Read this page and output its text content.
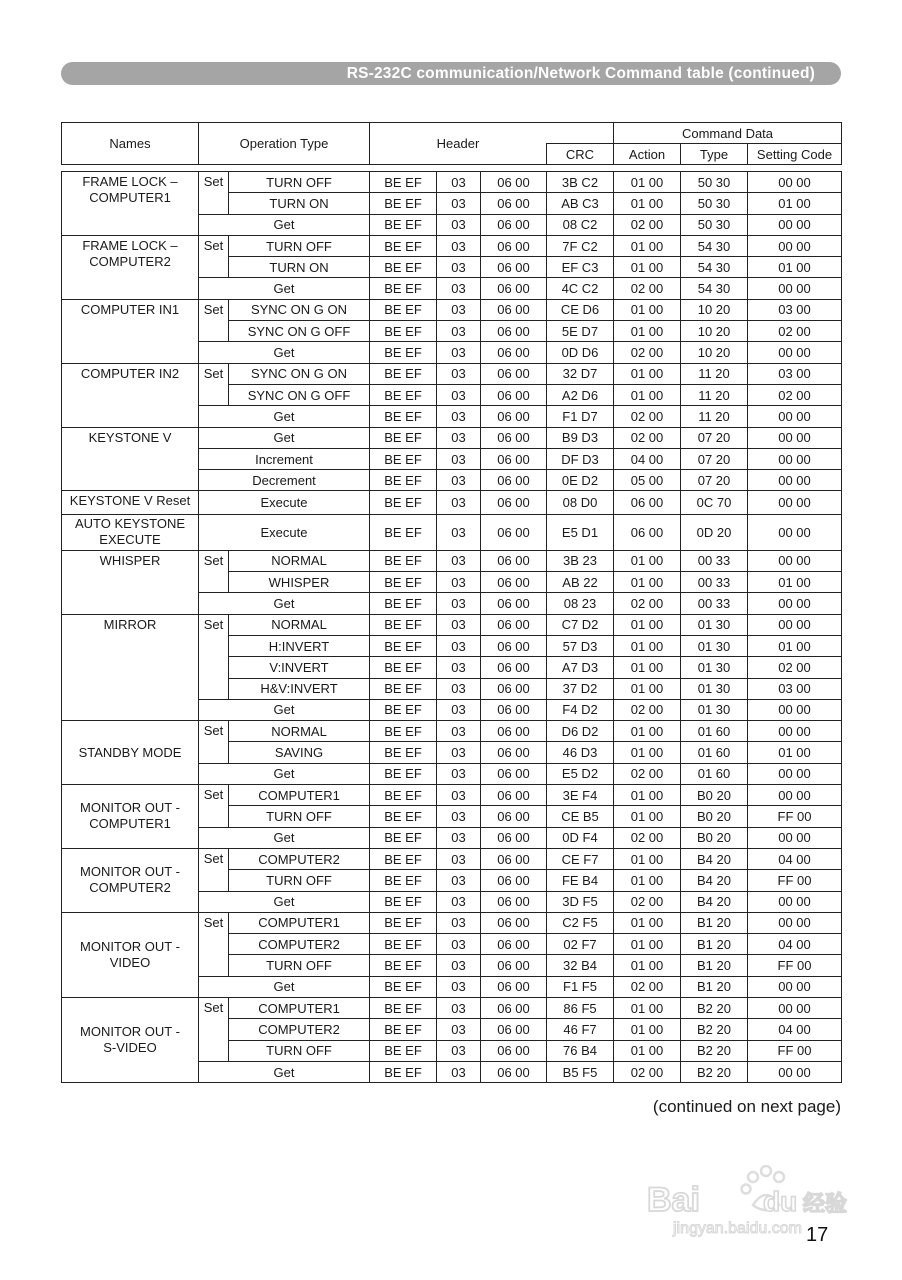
RS-232C communication/Network Command table (continued)
Names	Operation Type		Header				Command Data		
						CRC	Action	Type	Setting Code

FRAME LOCK –
COMPUTER1	Set	TURN OFF	BE EF	03	06 00	3B C2	01 00	50 30	00 00
		TURN ON	BE EF	03	06 00	AB C3	01 00	50 30	01 00
	Get		BE EF	03	06 00	08 C2	02 00	50 30	00 00
FRAME LOCK –
COMPUTER2	Set	TURN OFF	BE EF	03	06 00	7F C2	01 00	54 30	00 00
		TURN ON	BE EF	03	06 00	EF C3	01 00	54 30	01 00
	Get		BE EF	03	06 00	4C C2	02 00	54 30	00 00
COMPUTER IN1	Set	SYNC ON G ON	BE EF	03	06 00	CE D6	01 00	10 20	03 00
		SYNC ON G OFF	BE EF	03	06 00	5E D7	01 00	10 20	02 00
	Get		BE EF	03	06 00	0D D6	02 00	10 20	00 00
COMPUTER IN2	Set	SYNC ON G ON	BE EF	03	06 00	32 D7	01 00	11 20	03 00
		SYNC ON G OFF	BE EF	03	06 00	A2 D6	01 00	11 20	02 00
	Get		BE EF	03	06 00	F1 D7	02 00	11 20	00 00
KEYSTONE V	Get		BE EF	03	06 00	B9 D3	02 00	07 20	00 00
	Increment		BE EF	03	06 00	DF D3	04 00	07 20	00 00
	Decrement		BE EF	03	06 00	0E D2	05 00	07 20	00 00
KEYSTONE V Reset	Execute		BE EF	03	06 00	08 D0	06 00	0C 70	00 00
AUTO KEYSTONE
EXECUTE	Execute		BE EF	03	06 00	E5 D1	06 00	0D 20	00 00
WHISPER	Set	NORMAL	BE EF	03	06 00	3B 23	01 00	00 33	00 00
		WHISPER	BE EF	03	06 00	AB 22	01 00	00 33	01 00
	Get		BE EF	03	06 00	08 23	02 00	00 33	00 00
MIRROR	Set	NORMAL	BE EF	03	06 00	C7 D2	01 00	01 30	00 00
		H:INVERT	BE EF	03	06 00	57 D3	01 00	01 30	01 00
		V:INVERT	BE EF	03	06 00	A7 D3	01 00	01 30	02 00
		H&V:INVERT	BE EF	03	06 00	37 D2	01 00	01 30	03 00
	Get		BE EF	03	06 00	F4 D2	02 00	01 30	00 00
STANDBY MODE	Set	NORMAL	BE EF	03	06 00	D6 D2	01 00	01 60	00 00
		SAVING	BE EF	03	06 00	46 D3	01 00	01 60	01 00
	Get		BE EF	03	06 00	E5 D2	02 00	01 60	00 00
MONITOR OUT -
COMPUTER1	Set	COMPUTER1	BE EF	03	06 00	3E F4	01 00	B0 20	00 00
		TURN OFF	BE EF	03	06 00	CE B5	01 00	B0 20	FF 00
	Get		BE EF	03	06 00	0D F4	02 00	B0 20	00 00
MONITOR OUT -
COMPUTER2	Set	COMPUTER2	BE EF	03	06 00	CE F7	01 00	B4 20	04 00
		TURN OFF	BE EF	03	06 00	FE B4	01 00	B4 20	FF 00
	Get		BE EF	03	06 00	3D F5	02 00	B4 20	00 00
MONITOR OUT -
VIDEO	Set	COMPUTER1	BE EF	03	06 00	C2 F5	01 00	B1 20	00 00
		COMPUTER2	BE EF	03	06 00	02 F7	01 00	B1 20	04 00
		TURN OFF	BE EF	03	06 00	32 B4	01 00	B1 20	FF 00
	Get		BE EF	03	06 00	F1 F5	02 00	B1 20	00 00
MONITOR OUT -
S-VIDEO	Set	COMPUTER1	BE EF	03	06 00	86 F5	01 00	B2 20	00 00
		COMPUTER2	BE EF	03	06 00	46 F7	01 00	B2 20	04 00
		TURN OFF	BE EF	03	06 00	76 B4	01 00	B2 20	FF 00
	Get		BE EF	03	06 00	B5 F5	02 00	B2 20	00 00
(continued on next page)
Bai du 经验
jingyan.baidu.com 17
